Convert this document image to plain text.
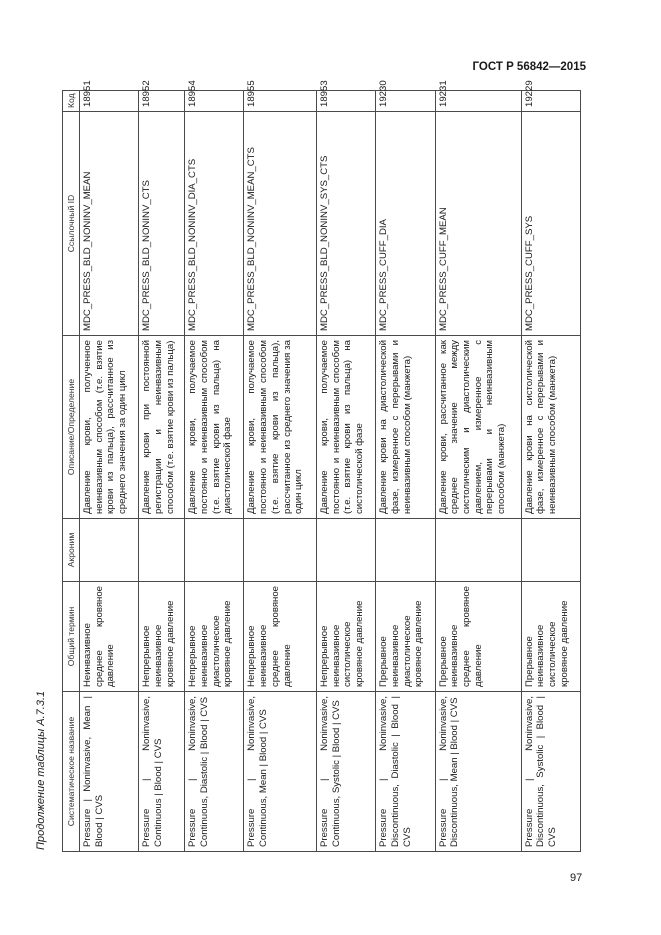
ГОСТ Р 56842—2015
Продолжение таблицы А.7.3.1
97
Систематическое название	Общий термин	Акроним	Описание/Определение	Ссылочный ID	Код
Pressure | Noninvasive, Mean | Blood | CVS	Неинвазивное среднее кровяное давление		Давление крови, полученное неинвазивным способом (т.е. взятие крови из пальца), рассчитанное из среднего значения за один цикл	MDC_PRESS_BLD_NONINV_MEAN	18951
Pressure | Noninvasive, Continuous | Blood | CVS	Непрерывное неинвазивное кровяное давление		Давление крови при постоянной регистрации и неинвазивным способом (т.е. взятие крови из пальца)	MDC_PRESS_BLD_NONINV_CTS	18952
Pressure | Noninvasive, Continuous, Diastolic | Blood | CVS	Непрерывное неинвазивное диастолическое кровяное давление		Давление крови, получаемое постоянно и неинвазивным способом (т.е. взятие крови из пальца) на диастолической фазе	MDC_PRESS_BLD_NONINV_DIA_CTS	18954
Pressure | Noninvasive, Continuous, Mean | Blood | CVS	Непрерывное неинвазивное среднее кровяное давление		Давление крови, получаемое постоянно и неинвазивным способом (т.е. взятие крови из пальца), рассчитанное из среднего значения за один цикл	MDC_PRESS_BLD_NONINV_MEAN_CTS	18955
Pressure | Noninvasive, Continuous, Systolic | Blood | CVS	Непрерывное неинвазивное систолическое кровяное давление		Давление крови, получаемое постоянно и неинвазивным способом (т.е. взятие крови из пальца) на систолической фазе	MDC_PRESS_BLD_NONINV_SYS_CTS	18953
Pressure | Noninvasive, Discontinuous, Diastolic | Blood | CVS	Прерывное неинвазивное диастолическое кровяное давление		Давление крови на диастолической фазе, измеренное с перерывами и неинвазивным способом (манжета)	MDC_PRESS_CUFF_DIA	19230
Pressure | Noninvasive, Discontinuous, Mean | Blood | CVS	Прерывное неинвазивное среднее кровяное давление		Давление крови, рассчитанное как среднее значение между систолическим и диастолическим давлением, измеренное с перерывами и неинвазивным способом (манжета)	MDC_PRESS_CUFF_MEAN	19231
Pressure | Noninvasive, Discontinuous, Systolic | Blood | CVS	Прерывное неинвазивное систолическое кровяное давление		Давление крови на систолической фазе, измеренное с перерывами и неинвазивным способом (манжета)	MDC_PRESS_CUFF_SYS	19229
